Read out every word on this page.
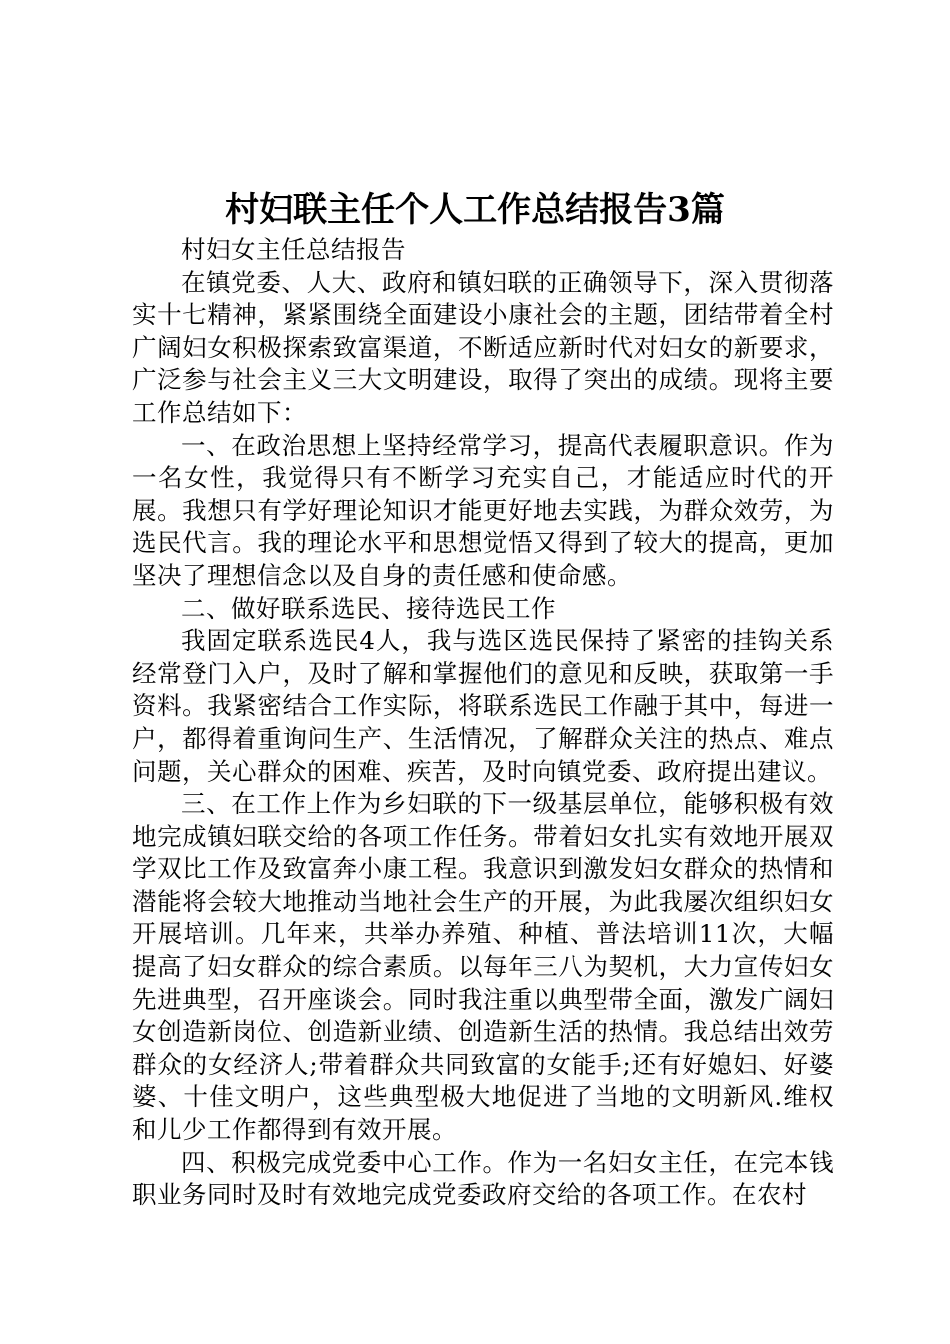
村妇联主任个人工作总结报告3篇

村妇女主任总结报告

在镇党委、人大、政府和镇妇联的正确领导下，深入贯彻落实十七精神，紧紧围绕全面建设小康社会的主题，团结带着全村广阔妇女积极探索致富渠道，不断适应新时代对妇女的新要求，广泛参与社会主义三大文明建设，取得了突出的成绩。现将主要工作总结如下：

一、在政治思想上坚持经常学习，提高代表履职意识。作为一名女性，我觉得只有不断学习充实自己，才能适应时代的开展。我想只有学好理论知识才能更好地去实践，为群众效劳，为选民代言。我的理论水平和思想觉悟又得到了较大的提高，更加坚决了理想信念以及自身的责任感和使命感。

二、做好联系选民、接待选民工作

我固定联系选民4人，我与选区选民保持了紧密的挂钩关系经常登门入户，及时了解和掌握他们的意见和反映，获取第一手资料。我紧密结合工作实际，将联系选民工作融于其中，每进一户，都得着重询问生产、生活情况，了解群众关注的热点、难点问题，关心群众的困难、疾苦，及时向镇党委、政府提出建议。

三、在工作上作为乡妇联的下一级基层单位，能够积极有效地完成镇妇联交给的各项工作任务。带着妇女扎实有效地开展双学双比工作及致富奔小康工程。我意识到激发妇女群众的热情和潜能将会较大地推动当地社会生产的开展，为此我屡次组织妇女开展培训。几年来，共举办养殖、种植、普法培训11次，大幅提高了妇女群众的综合素质。以每年三八为契机，大力宣传妇女先进典型，召开座谈会。同时我注重以典型带全面，激发广阔妇女创造新岗位、创造新业绩、创造新生活的热情。我总结出效劳群众的女经济人;带着群众共同致富的女能手;还有好媳妇、好婆婆、十佳文明户，这些典型极大地促进了当地的文明新风.维权和儿少工作都得到有效开展。

四、积极完成党委中心工作。作为一名妇女主任，在完本钱职业务同时及时有效地完成党委政府交给的各项工作。在农村
